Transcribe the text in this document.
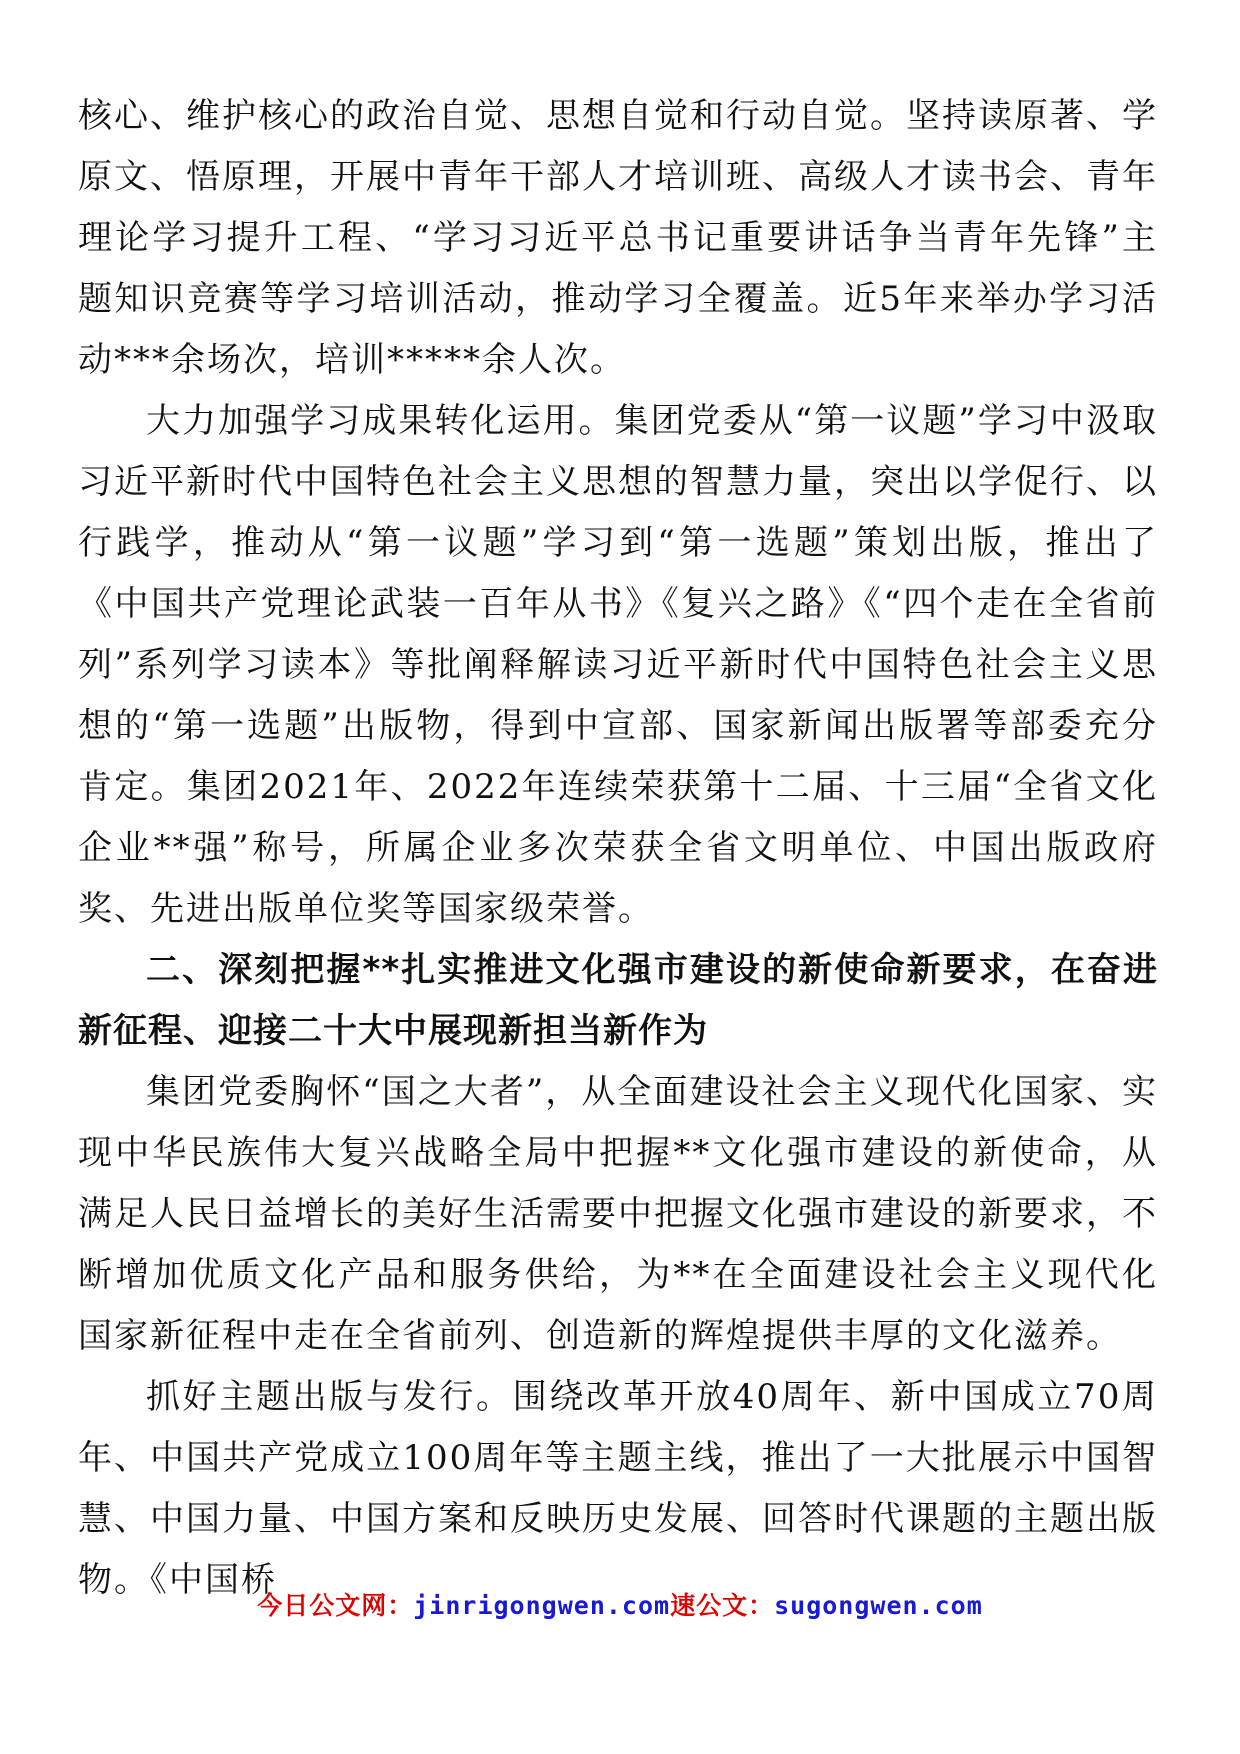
核心、维护核心的政治自觉、思想自觉和行动自觉。坚持读原著、学原文、悟原理，开展中青年干部人才培训班、高级人才读书会、青年理论学习提升工程、“学习习近平总书记重要讲话争当青年先锋”主题知识竞赛等学习培训活动，推动学习全覆盖。近5年来举办学习活动***余场次，培训*****余人次。

大力加强学习成果转化运用。集团党委从“第一议题”学习中汲取习近平新时代中国特色社会主义思想的智慧力量，突出以学促行、以行践学，推动从“第一议题”学习到“第一选题”策划出版，推出了《中国共产党理论武装一百年从书》《复兴之路》《“四个走在全省前列”系列学习读本》等批阐释解读习近平新时代中国特色社会主义思想的“第一选题”出版物，得到中宣部、国家新闻出版署等部委充分肯定。集团2021年、2022年连续荣获第十二届、十三届“全省文化企业**强”称号，所属企业多次荣获全省文明单位、中国出版政府奖、先进出版单位奖等国家级荣誉。

二、深刻把握**扎实推进文化强市建设的新使命新要求，在奋进新征程、迎接二十大中展现新担当新作为

集团党委胸怀“国之大者”，从全面建设社会主义现代化国家、实现中华民族伟大复兴战略全局中把握**文化强市建设的新使命，从满足人民日益增长的美好生活需要中把握文化强市建设的新要求，不断增加优质文化产品和服务供给，为**在全面建设社会主义现代化国家新征程中走在全省前列、创造新的辉煌提供丰厚的文化滋养。

抓好主题出版与发行。围绕改革开放40周年、新中国成立70周年、中国共产党成立100周年等主题主线，推出了一大批展示中国智慧、中国力量、中国方案和反映历史发展、回答时代课题的主题出版物。《中国桥

今日公文网：jinrigongwen.com速公文：sugongwen.com
